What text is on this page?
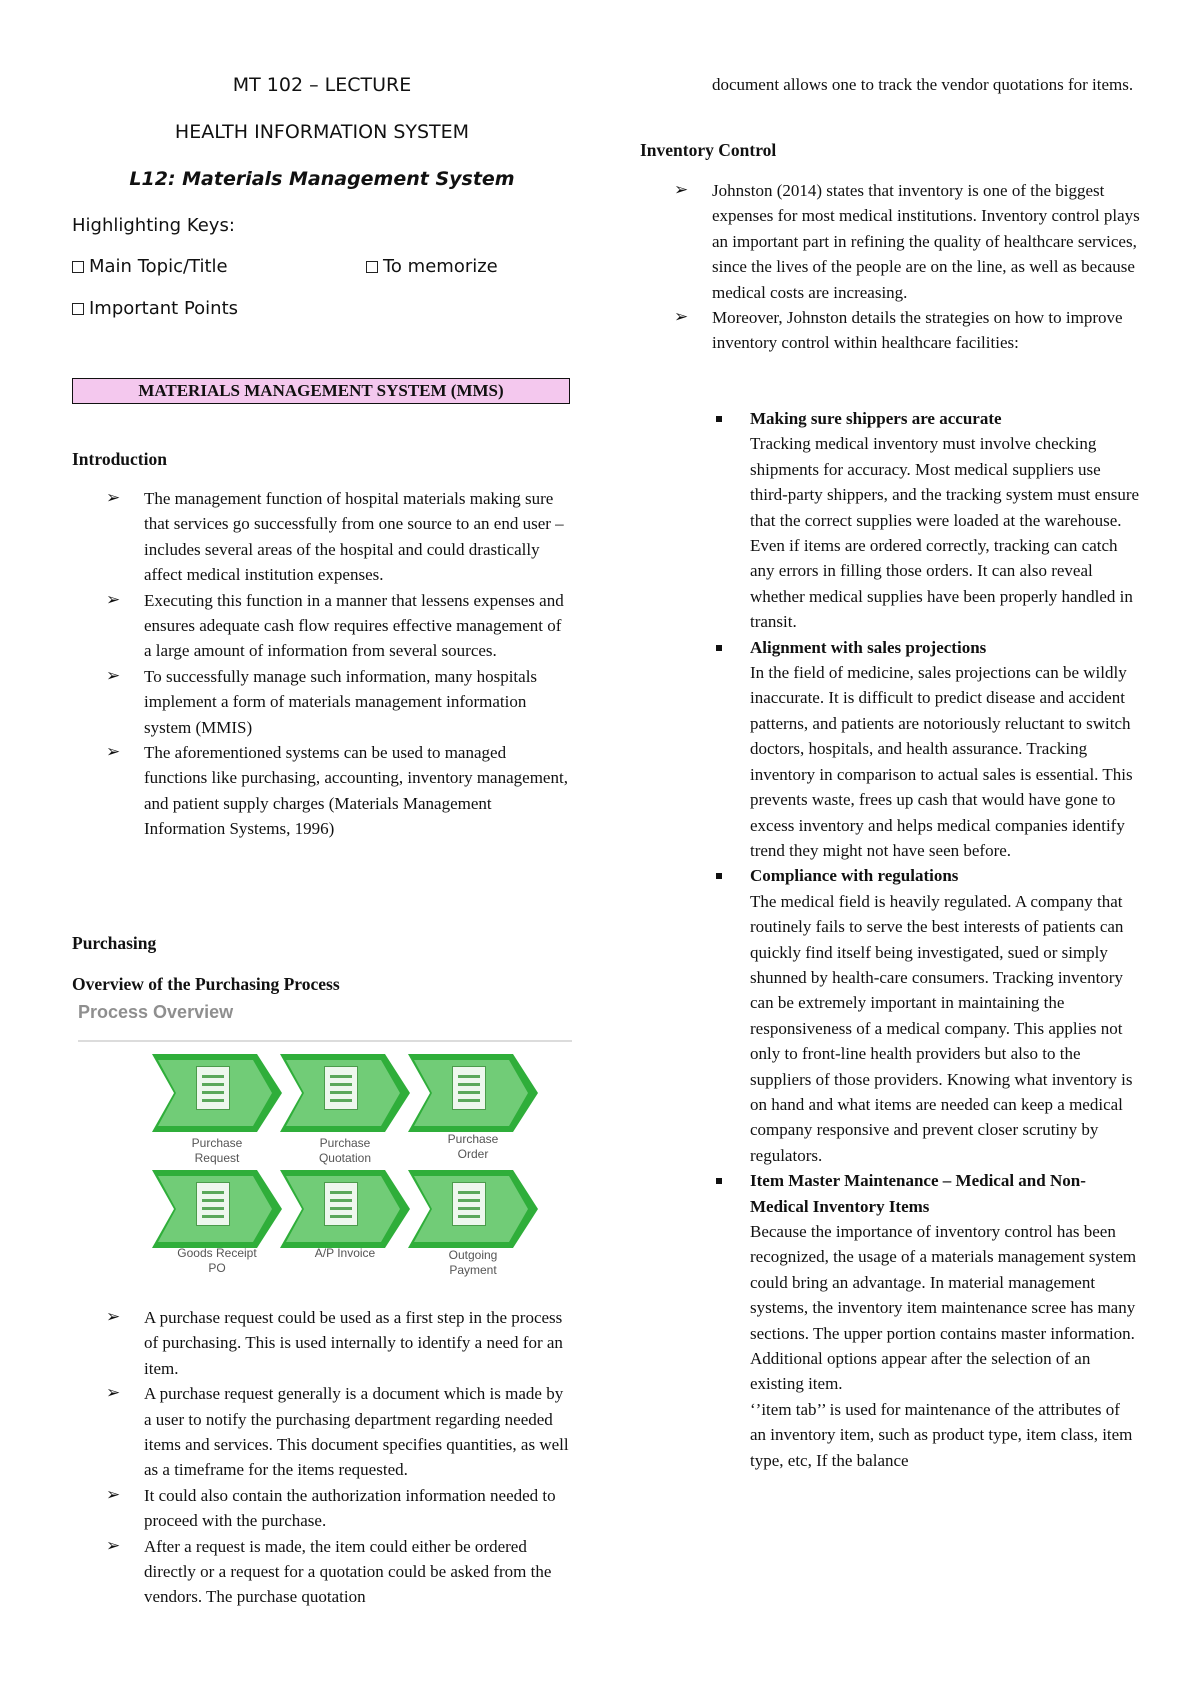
MT 102 – LECTURE

HEALTH INFORMATION SYSTEM

L12: Materials Management System

Highlighting Keys:

Main Topic/Title	To memorize

Important Points

MATERIALS MANAGEMENT SYSTEM (MMS)

Introduction

➢ The management function of hospital materials making sure that services go successfully from one source to an end user – includes several areas of the hospital and could drastically affect medical institution expenses.
➢ Executing this function in a manner that lessens expenses and ensures adequate cash flow requires effective management of a large amount of information from several sources.
➢ To successfully manage such information, many hospitals implement a form of materials management information system (MMIS)
➢ The aforementioned systems can be used to managed functions like purchasing, accounting, inventory management, and patient supply charges (Materials Management Information Systems, 1996)

Purchasing

Overview of the Purchasing Process

Process Overview
Purchase
Request
Purchase
Quotation
Purchase
Order
Goods Receipt
PO
A/P Invoice	Outgoing
Payment
➢ A purchase request could be used as a first step in the process of purchasing. This is used internally to identify a need for an item.
➢ A purchase request generally is a document which is made by a user to notify the purchasing department regarding needed items and services. This document specifies quantities, as well as a timeframe for the items requested.
➢ It could also contain the authorization information needed to proceed with the purchase.
➢ After a request is made, the item could either be ordered directly or a request for a quotation could be asked from the vendors. The purchase quotation

document allows one to track the vendor quotations for items.

Inventory Control

➢ Johnston (2014) states that inventory is one of the biggest expenses for most medical institutions. Inventory control plays an important part in refining the quality of healthcare services, since the lives of the people are on the line, as well as because medical costs are increasing.
➢ Moreover, Johnston details the strategies on how to improve inventory control within healthcare facilities:
Making sure shippers are accurate
Tracking medical inventory must involve checking shipments for accuracy. Most medical suppliers use third-party shippers, and the tracking system must ensure that the correct supplies were loaded at the warehouse. Even if items are ordered correctly, tracking can catch any errors in filling those orders. It can also reveal whether medical supplies have been properly handled in transit.
Alignment with sales projections
In the field of medicine, sales projections can be wildly inaccurate. It is difficult to predict disease and accident patterns, and patients are notoriously reluctant to switch doctors, hospitals, and health assurance. Tracking inventory in comparison to actual sales is essential. This prevents waste, frees up cash that would have gone to excess inventory and helps medical companies identify trend they might not have seen before.
Compliance with regulations
The medical field is heavily regulated. A company that routinely fails to serve the best interests of patients can quickly find itself being investigated, sued or simply shunned by health-care consumers. Tracking inventory can be extremely important in maintaining the responsiveness of a medical company. This applies not only to front-line health providers but also to the suppliers of those providers. Knowing what inventory is on hand and what items are needed can keep a medical company responsive and prevent closer scrutiny by regulators.
Item Master Maintenance – Medical and Non-Medical Inventory Items
Because the importance of inventory control has been recognized, the usage of a materials management system could bring an advantage. In material management systems, the inventory item maintenance scree has many sections. The upper portion contains master information. Additional options appear after the selection of an existing item.
‘’item tab’’ is used for maintenance of the attributes of an inventory item, such as product type, item class, item type, etc, If the balance
